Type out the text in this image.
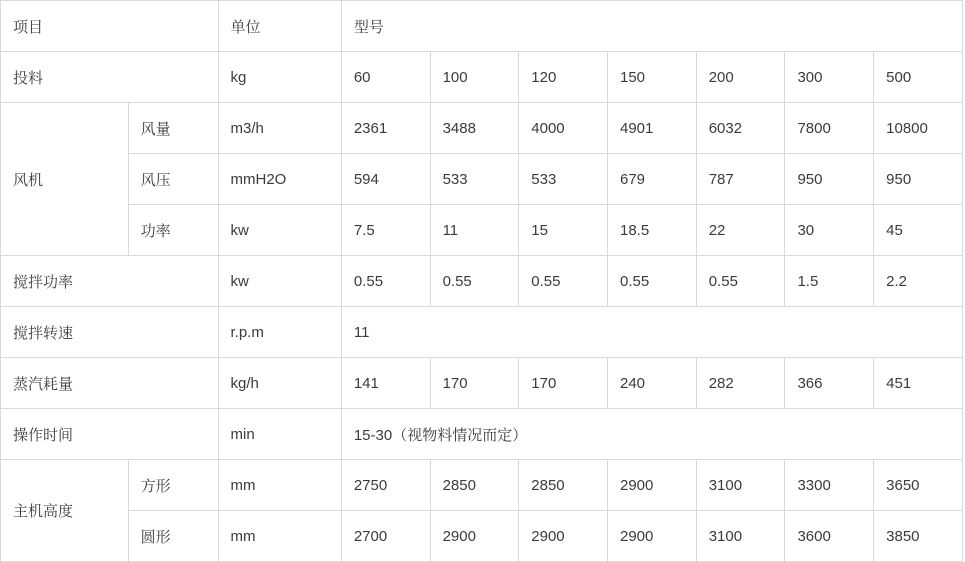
项目		单位	型号						
投料		kg	60	100	120	150	200	300	500
风机	风量	m3/h	2361	3488	4000	4901	6032	7800	10800
	风压	mmH2O	594	533	533	679	787	950	950
	功率	kw	7.5	11	15	18.5	22	30	45
搅拌功率		kw	0.55	0.55	0.55	0.55	0.55	1.5	2.2
搅拌转速		r.p.m	11						
蒸汽耗量		kg/h	141	170	170	240	282	366	451
操作时间		min	15-30（视物料情况而定）						
主机高度	方形	mm	2750	2850	2850	2900	3100	3300	3650
	圆形	mm	2700	2900	2900	2900	3100	3600	3850
